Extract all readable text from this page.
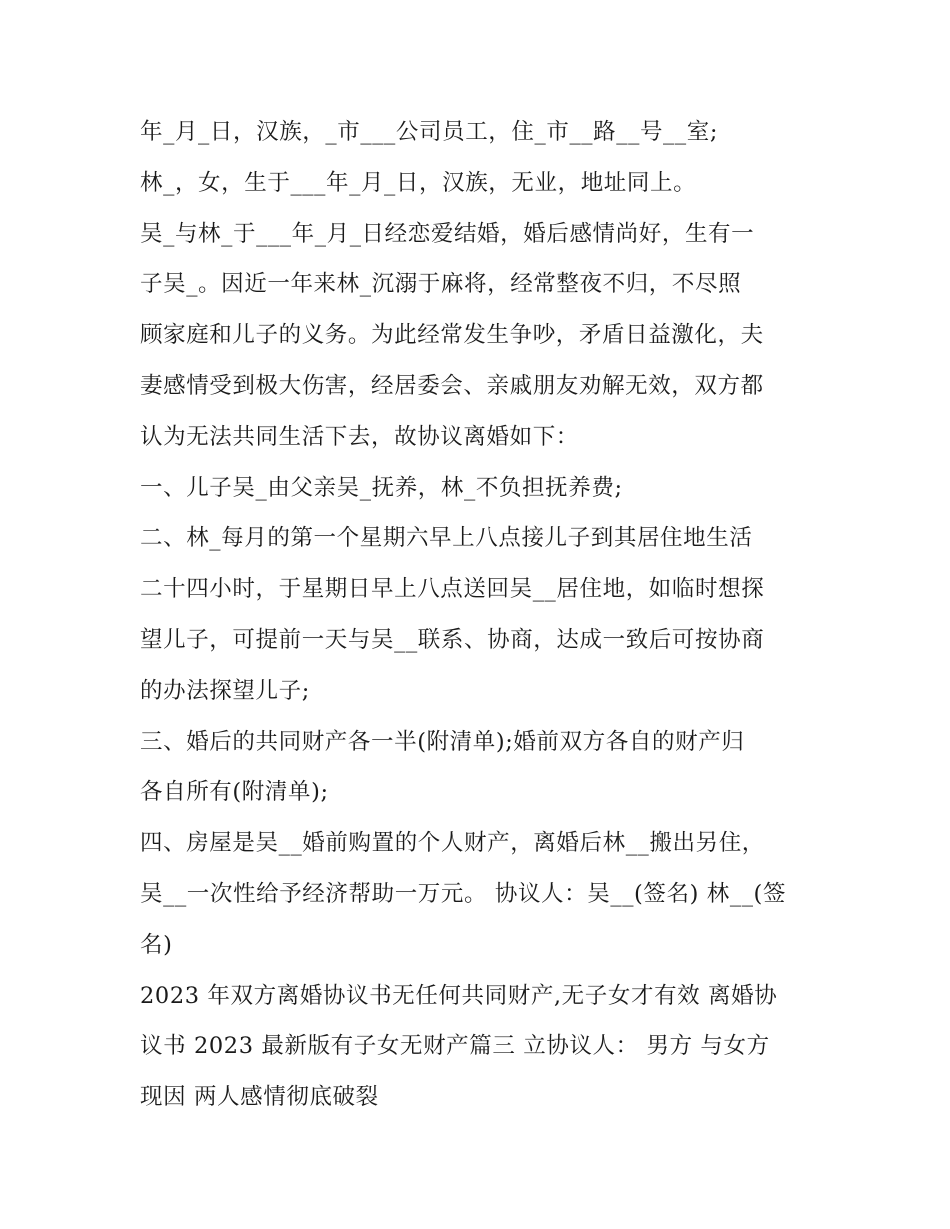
年_月_日，汉族，_市___公司员工，住_市__路__号__室;
林_，女，生于___年_月_日，汉族，无业，地址同上。
吴_与林_于___年_月_日经恋爱结婚，婚后感情尚好，生有一
子吴_。因近一年来林_沉溺于麻将，经常整夜不归，不尽照
顾家庭和儿子的义务。为此经常发生争吵，矛盾日益激化，夫
妻感情受到极大伤害，经居委会、亲戚朋友劝解无效，双方都
认为无法共同生活下去，故协议离婚如下：
一、儿子吴_由父亲吴_抚养，林_不负担抚养费;
二、林_每月的第一个星期六早上八点接儿子到其居住地生活
二十四小时，于星期日早上八点送回吴__居住地，如临时想探
望儿子，可提前一天与吴__联系、协商，达成一致后可按协商
的办法探望儿子;
三、婚后的共同财产各一半(附清单);婚前双方各自的财产归
各自所有(附清单);
四、房屋是吴__婚前购置的个人财产，离婚后林__搬出另住，
吴__一次性给予经济帮助一万元。 协议人：吴__(签名) 林__(签
名)
2023 年双方离婚协议书无任何共同财产,无子女才有效 离婚协
议书 2023 最新版有子女无财产篇三 立协议人： 男方 与女方
现因 两人感情彻底破裂
